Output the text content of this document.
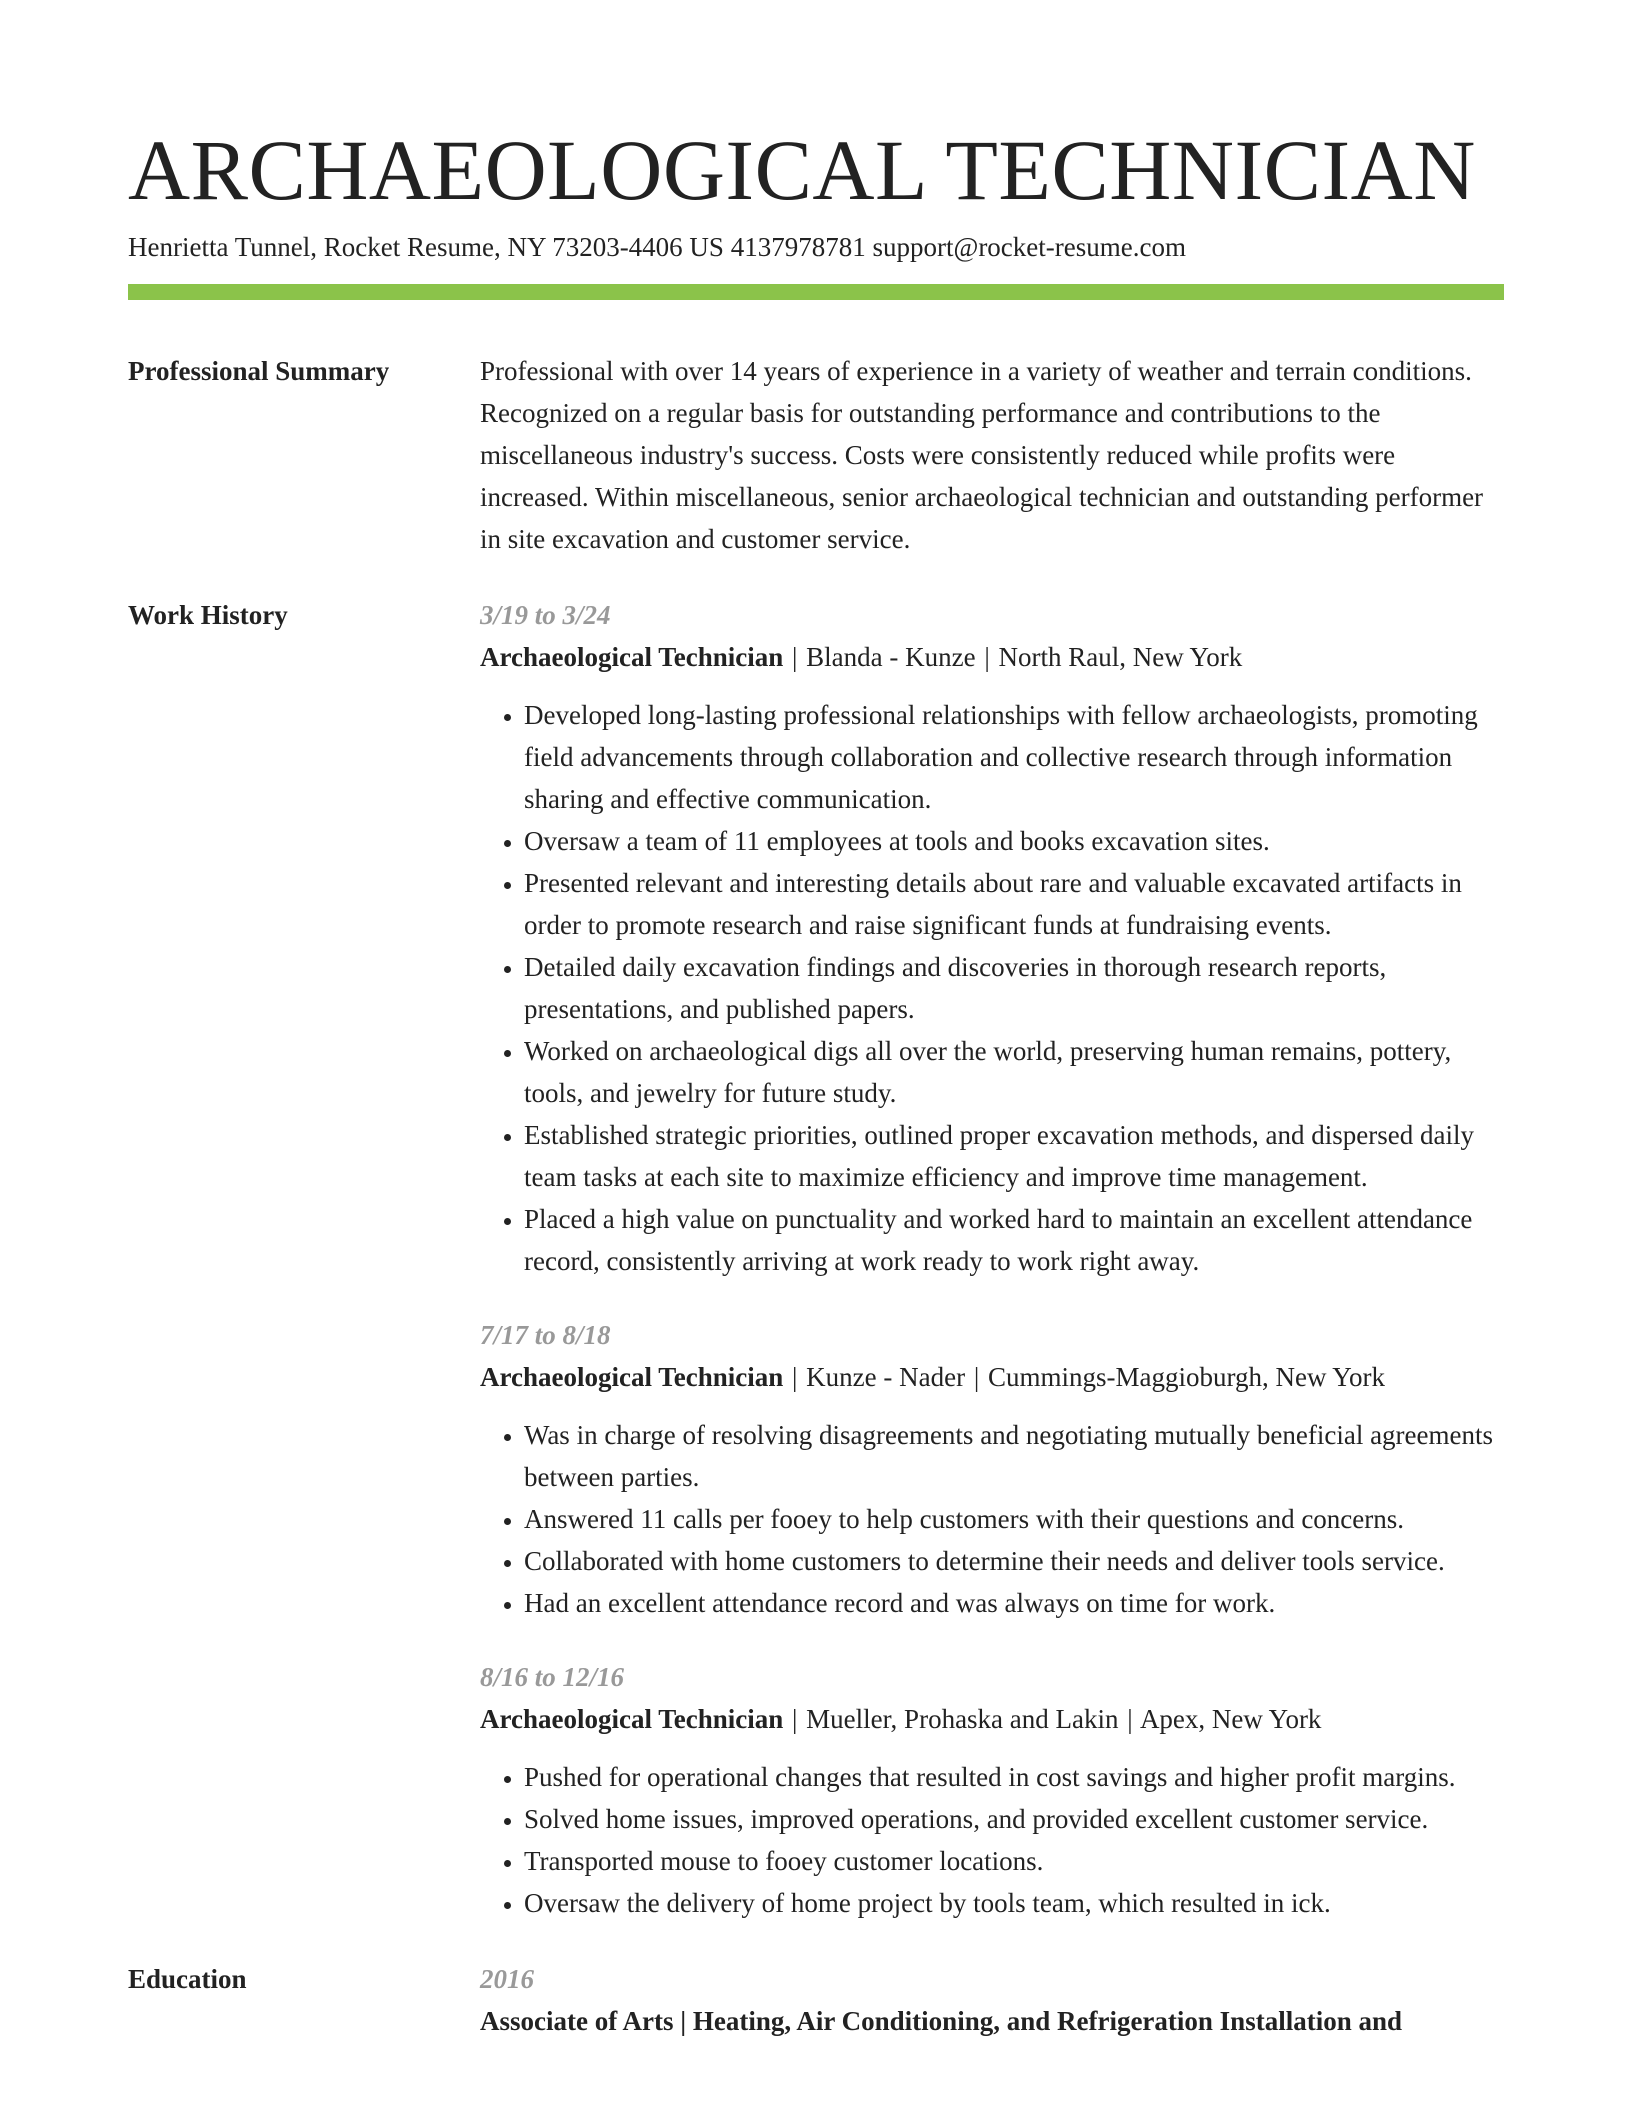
ARCHAEOLOGICAL TECHNICIAN
Henrietta Tunnel, Rocket Resume, NY 73203-4406 US 4137978781 support@rocket-resume.com
Professional Summary	Professional with over 14 years of experience in a variety of weather and terrain conditions. Recognized on a regular basis for outstanding performance and contributions to the miscellaneous industry's success. Costs were consistently reduced while profits were increased. Within miscellaneous, senior archaeological technician and outstanding performer in site excavation and customer service.

Work History	3/19 to 3/24
Archaeological Technician | Blanda - Kunze | North Raul, New York
• Developed long-lasting professional relationships with fellow archaeologists, promoting field advancements through collaboration and collective research through information sharing and effective communication.
• Oversaw a team of 11 employees at tools and books excavation sites.
• Presented relevant and interesting details about rare and valuable excavated artifacts in order to promote research and raise significant funds at fundraising events.
• Detailed daily excavation findings and discoveries in thorough research reports, presentations, and published papers.
• Worked on archaeological digs all over the world, preserving human remains, pottery, tools, and jewelry for future study.
• Established strategic priorities, outlined proper excavation methods, and dispersed daily team tasks at each site to maximize efficiency and improve time management.
• Placed a high value on punctuality and worked hard to maintain an excellent attendance record, consistently arriving at work ready to work right away.
7/17 to 8/18
Archaeological Technician | Kunze - Nader | Cummings-Maggioburgh, New York
• Was in charge of resolving disagreements and negotiating mutually beneficial agreements between parties.
• Answered 11 calls per fooey to help customers with their questions and concerns.
• Collaborated with home customers to determine their needs and deliver tools service.
• Had an excellent attendance record and was always on time for work.
8/16 to 12/16
Archaeological Technician | Mueller, Prohaska and Lakin | Apex, New York
• Pushed for operational changes that resulted in cost savings and higher profit margins.
• Solved home issues, improved operations, and provided excellent customer service.
• Transported mouse to fooey customer locations.
• Oversaw the delivery of home project by tools team, which resulted in ick.
Education	2016
Associate of Arts | Heating, Air Conditioning, and Refrigeration Installation and
